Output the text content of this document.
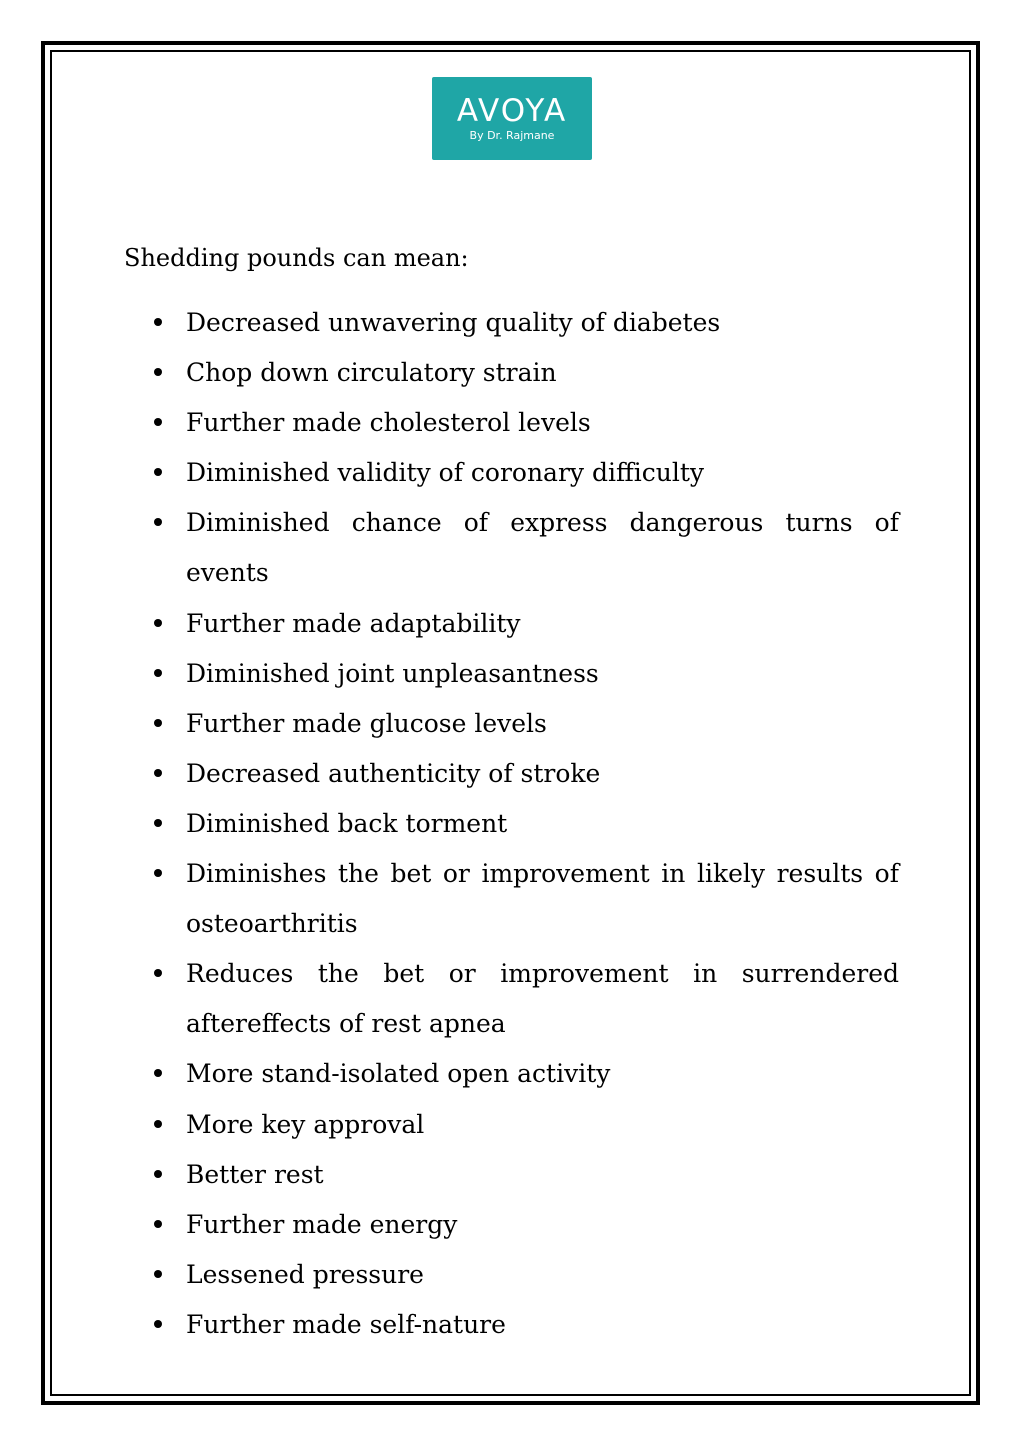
AVOYA
By Dr. Rajmane
Shedding pounds can mean:
Decreased unwavering quality of diabetes
Chop down circulatory strain
Further made cholesterol levels
Diminished validity of coronary difficulty
Diminished chance of express dangerous turns of events
Further made adaptability
Diminished joint unpleasantness
Further made glucose levels
Decreased authenticity of stroke
Diminished back torment
Diminishes the bet or improvement in likely results of osteoarthritis
Reduces the bet or improvement in surrendered aftereffects of rest apnea
More stand-isolated open activity
More key approval
Better rest
Further made energy
Lessened pressure
Further made self-nature
